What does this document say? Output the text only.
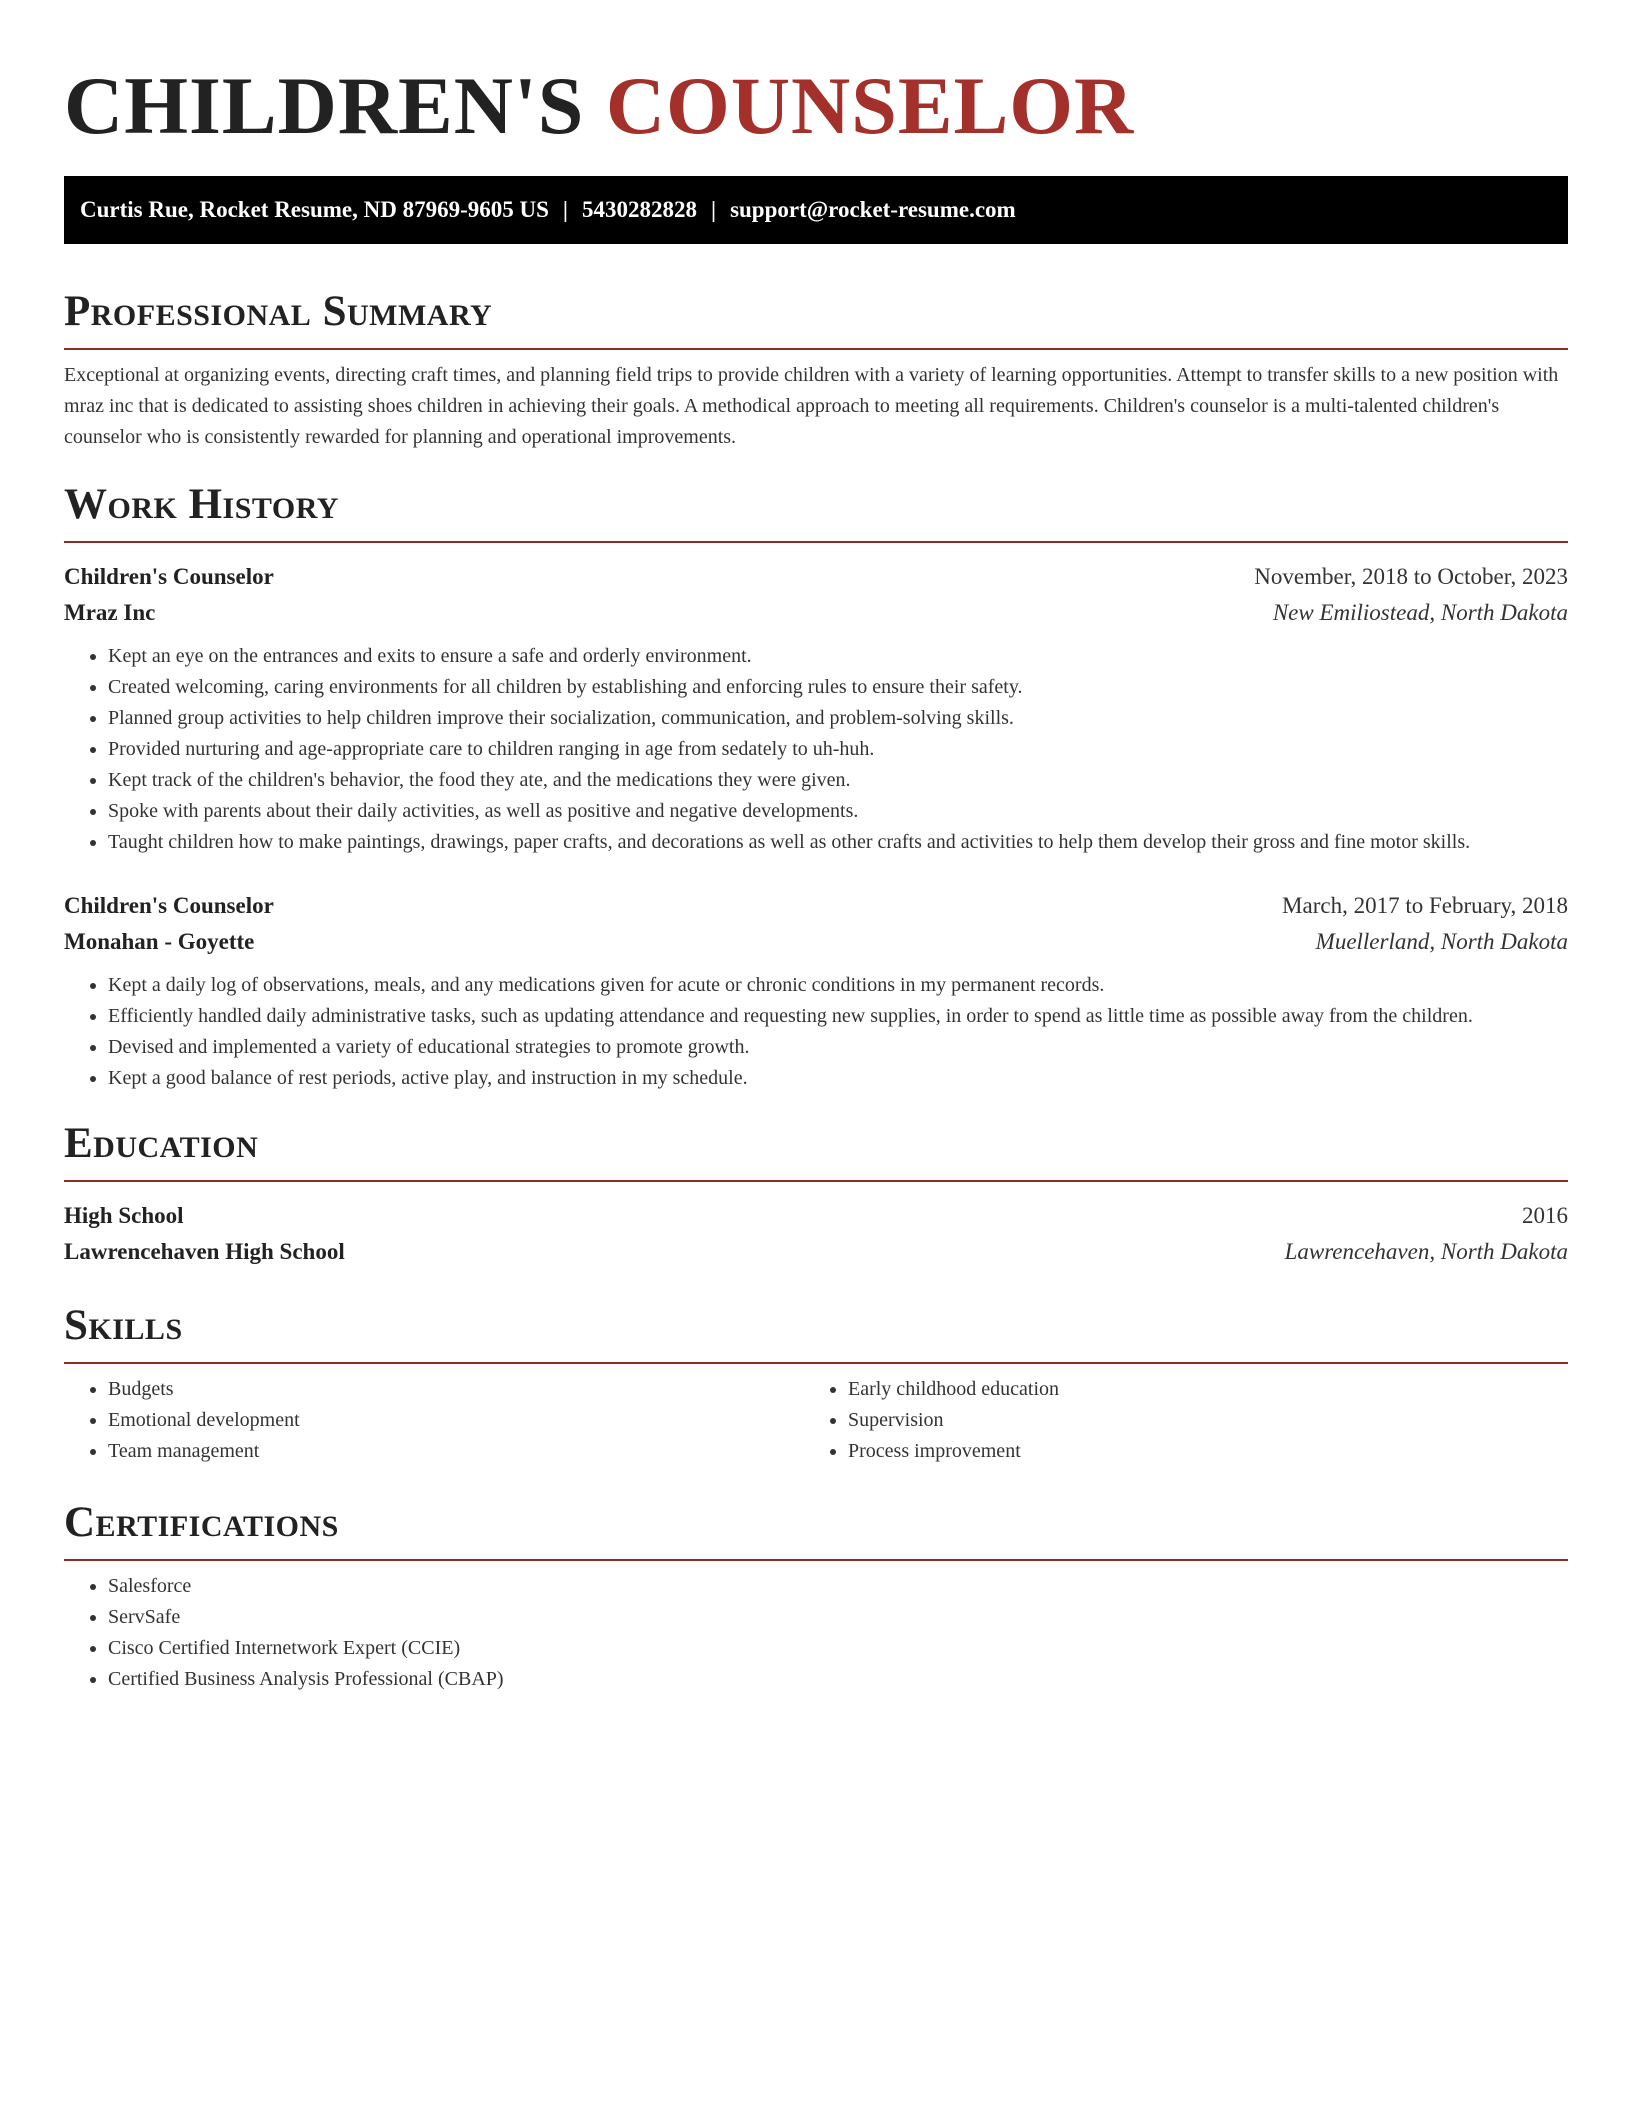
CHILDREN'S COUNSELOR
Curtis Rue, Rocket Resume, ND 87969-9605 US | 5430282828 | support@rocket-resume.com
Professional Summary

Exceptional at organizing events, directing craft times, and planning field trips to provide children with a variety of learning opportunities. Attempt to transfer skills to a new position with mraz inc that is dedicated to assisting shoes children in achieving their goals. A methodical approach to meeting all requirements. Children's counselor is a multi-talented children's counselor who is consistently rewarded for planning and operational improvements.

Work History
Children's Counselor	November, 2018 to October, 2023
Mraz Inc	New Emiliostead, North Dakota
• Kept an eye on the entrances and exits to ensure a safe and orderly environment.
• Created welcoming, caring environments for all children by establishing and enforcing rules to ensure their safety.
• Planned group activities to help children improve their socialization, communication, and problem-solving skills.
• Provided nurturing and age-appropriate care to children ranging in age from sedately to uh-huh.
• Kept track of the children's behavior, the food they ate, and the medications they were given.
• Spoke with parents about their daily activities, as well as positive and negative developments.
• Taught children how to make paintings, drawings, paper crafts, and decorations as well as other crafts and activities to help them develop their gross and fine motor skills.
Children's Counselor	March, 2017 to February, 2018
Monahan - Goyette	Muellerland, North Dakota
• Kept a daily log of observations, meals, and any medications given for acute or chronic conditions in my permanent records.
• Efficiently handled daily administrative tasks, such as updating attendance and requesting new supplies, in order to spend as little time as possible away from the children.
• Devised and implemented a variety of educational strategies to promote growth.
• Kept a good balance of rest periods, active play, and instruction in my schedule.
Education
High School	2016
Lawrencehaven High School	Lawrencehaven, North Dakota
Skills
• Budgets
• Emotional development
• Team management
• Early childhood education
• Supervision
• Process improvement
Certifications
• Salesforce
• ServSafe
• Cisco Certified Internetwork Expert (CCIE)
• Certified Business Analysis Professional (CBAP)
